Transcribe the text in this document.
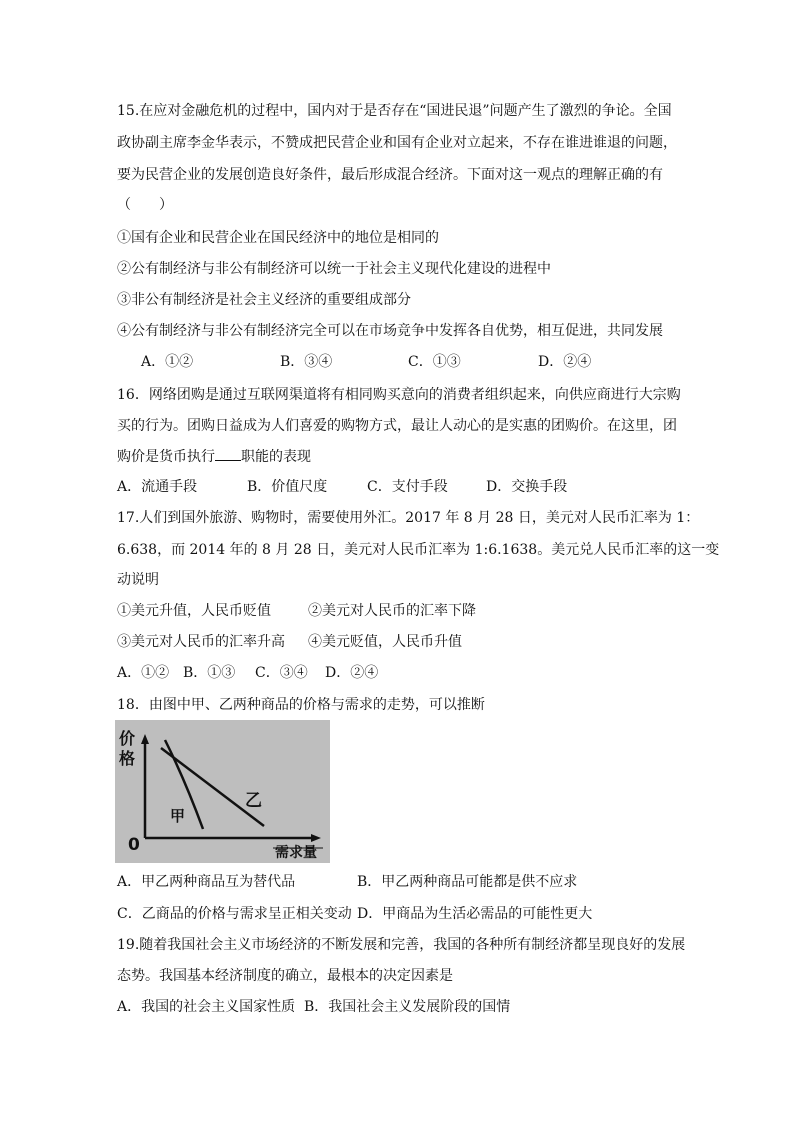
15.在应对金融危机的过程中，国内对于是否存在“国进民退”问题产生了激烈的争论。全国
政协副主席李金华表示，不赞成把民营企业和国有企业对立起来，不存在谁进谁退的问题，
要为民营企业的发展创造良好条件，最后形成混合经济。下面对这一观点的理解正确的有
（　　）
①国有企业和民营企业在国民经济中的地位是相同的
②公有制经济与非公有制经济可以统一于社会主义现代化建设的进程中
③非公有制经济是社会主义经济的重要组成部分
④公有制经济与非公有制经济完全可以在市场竞争中发挥各自优势，相互促进，共同发展
A．①②	B．③④	C．①③	D．②④
16．网络团购是通过互联网渠道将有相同购买意向的消费者组织起来，向供应商进行大宗购
买的行为。团购日益成为人们喜爱的购物方式，最让人动心的是实惠的团购价。在这里，团
购价是货币执行 职能的表现
A．流通手段	B．价值尺度	C．支付手段	D．交换手段
17.人们到国外旅游、购物时，需要使用外汇。2017 年 8 月 28 日，美元对人民币汇率为 1：
6.638，而 2014 年的 8 月 28 日，美元对人民币汇率为 1:6.1638。美元兑人民币汇率的这一变
动说明
①美元升值，人民币贬值	②美元对人民币的汇率下降
③美元对人民币的汇率升高 ④美元贬值，人民币升值
A．①② B．①③ C．③④ D．②④
18．由图中甲、乙两种商品的价格与需求的走势，可以推断
价
格
0
甲
乙
需求量
A．甲乙两种商品互为替代品	B．甲乙两种商品可能都是供不应求
C．乙商品的价格与需求呈正相关变动 D．甲商品为生活必需品的可能性更大
19.随着我国社会主义市场经济的不断发展和完善，我国的各种所有制经济都呈现良好的发展
态势。我国基本经济制度的确立，最根本的决定因素是
A．我国的社会主义国家性质 B．我国社会主义发展阶段的国情
